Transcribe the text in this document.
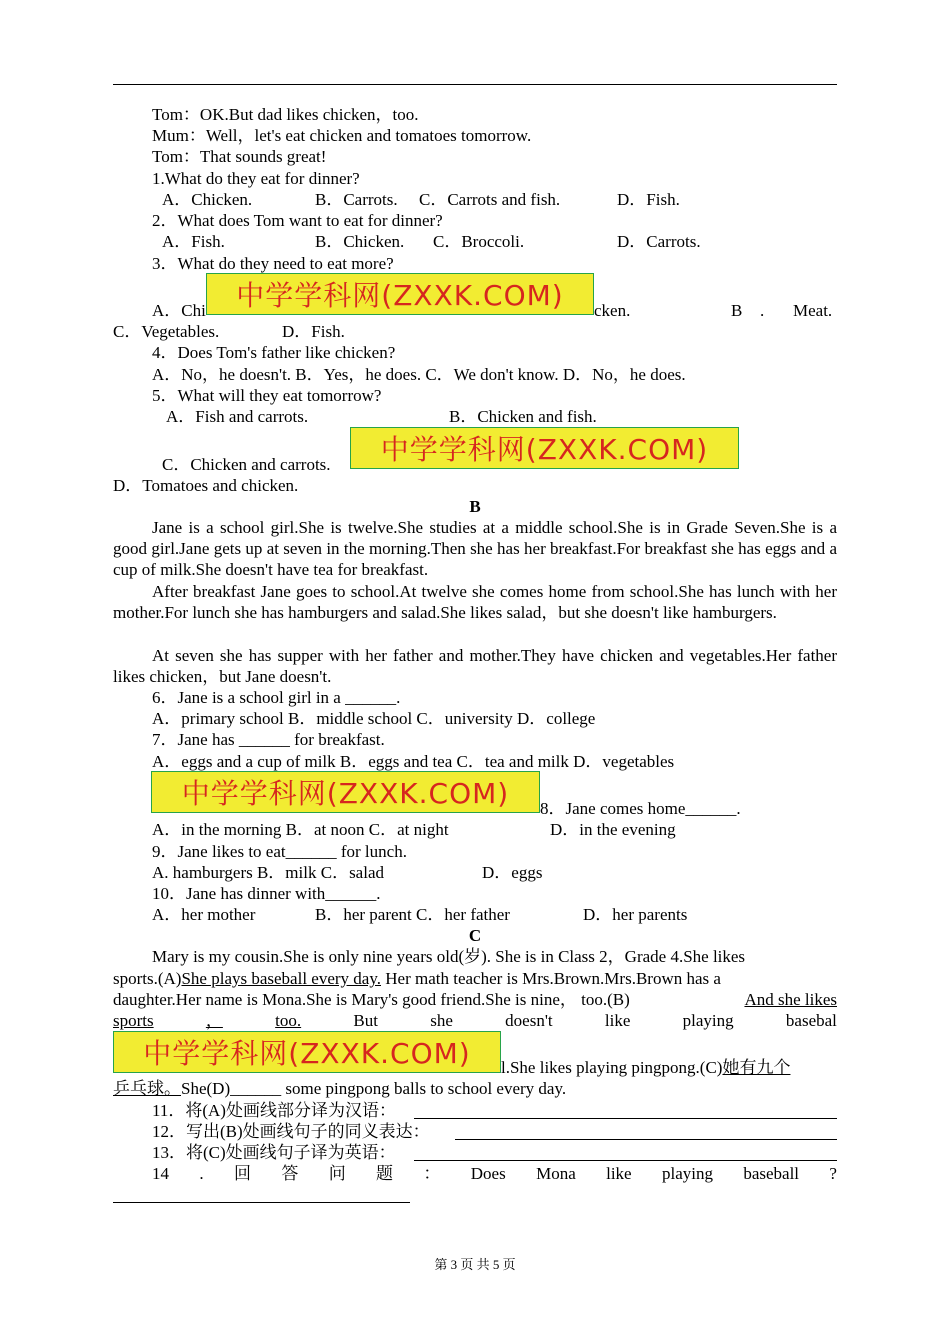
Tom：OK.But dad likes chicken，too.
Mum：Well，let's eat chicken and tomatoes tomorrow.
Tom：That sounds great!
1.What do they eat for dinner?
A．Chicken.	B．Carrots. C．Carrots and fish.	D．Fish.
2．What does Tom want to eat for dinner?
A．Fish.	B．Chicken. C．Broccoli.	D．Carrots.
3．What do they need to eat more?
A．Chi	中学学科网(ZXXK.COM)	cken.	B . Meat.
C．Vegetables.	D．Fish.
4．Does Tom's father like chicken?
A．No，he doesn't. B．Yes，he does. C．We don't know. D．No，he does.
5．What will they eat tomorrow?
A．Fish and carrots.	B．Chicken and fish.
C．Chicken and carrots.	中学学科网(ZXXK.COM)
D．Tomatoes and chicken.
B
Jane is a school girl.She is twelve.She studies at a middle school.She is in Grade Seven.She is a good girl.Jane gets up at seven in the morning.Then she has her breakfast.For breakfast she has eggs and a cup of milk.She doesn't have tea for breakfast.
After breakfast Jane goes to school.At twelve she comes home from school.She has lunch with her mother.For lunch she has hamburgers and salad.She likes salad，but she doesn't like hamburgers.
At seven she has supper with her father and mother.They have chicken and vegetables.Her father likes chicken，but Jane doesn't.
6．Jane is a school girl in a ______.
A．primary school B．middle school C．university D．college
7．Jane has ______ for breakfast.
A．eggs and a cup of milk B．eggs and tea C．tea and milk D．vegetables
中学学科网(ZXXK.COM)	8．Jane comes home______.
A．in the morning B．at noon C．at night	D．in the evening
9．Jane likes to eat______ for lunch.
A. hamburgers B．milk C．salad	D．eggs
10．Jane has dinner with______.
A．her mother	B．her parent C．her father	D．her parents
C
Mary is my cousin.She is only nine years old(岁). She is in Class 2，Grade 4.She likes
sports.(A)She plays baseball every day. Her math teacher is Mrs.Brown.Mrs.Brown has a
daughter.Her name is Mona.She is Mary's good friend.She is nine， too.(B)	And she likes
sports	，	too.	But	she	doesn't	like	playing	basebal
中学学科网(ZXXK.COM)	l.She likes playing pingpong.(C)她有九个
乒乓球。She(D)______ some pingpong balls to school every day.
11．将(A)处画线部分译为汉语：
12．写出(B)处画线句子的同义表达：
13．将(C)处画线句子译为英语：
14 . 回 答 问 题 ： Does Mona like playing baseball ?
第 3 页 共 5 页
